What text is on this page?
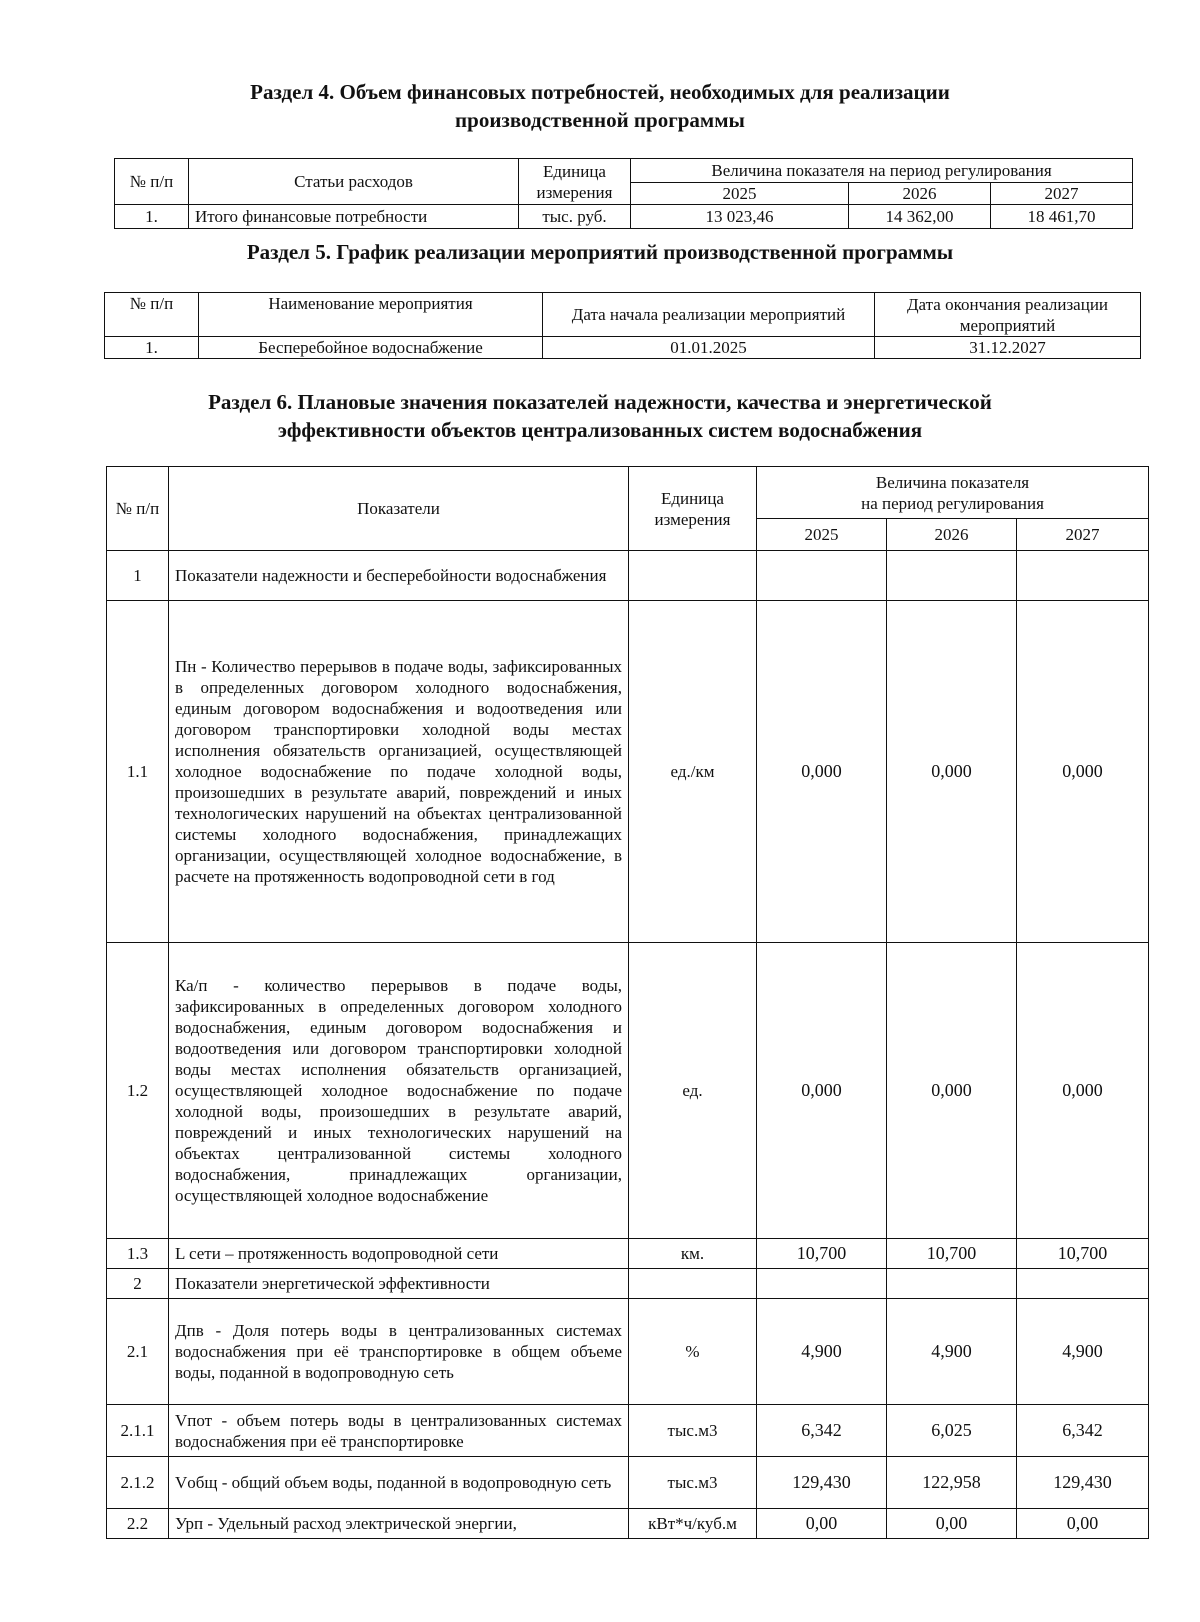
Раздел 4. Объем финансовых потребностей, необходимых для реализации
производственной программы
№ п/п	Статьи расходов	Единица измерения	Величина показателя на период регулирования		
			2025	2026	2027
1.	Итого финансовые потребности	тыс. руб.	13 023,46	14 362,00	18 461,70
Раздел 5. График реализации мероприятий производственной программы
№ п/п	Наименование мероприятия	Дата начала реализации мероприятий	Дата окончания реализации мероприятий
1.	Бесперебойное водоснабжение	01.01.2025	31.12.2027
Раздел 6. Плановые значения показателей надежности, качества и энергетической
эффективности объектов централизованных систем водоснабжения
№ п/п	Показатели	Единица измерения	Величина показателя
на период регулирования		

			2025	2026	2027
1	Показатели надежности и бесперебойности водоснабжения				
1.1	Пн - Количество перерывов в подаче воды, зафиксированных в определенных договором холодного водоснабжения, единым договором водоснабжения и водоотведения или договором транспортировки холодной воды местах исполнения обязательств организацией, осуществляющей холодное водоснабжение по подаче холодной воды, произошедших в результате аварий, повреждений и иных технологических нарушений на объектах централизованной системы холодного водоснабжения, принадлежащих организации, осуществляющей холодное водоснабжение, в расчете на протяженность водопроводной сети в год	ед./км	0,000	0,000	0,000
1.2	Ка/п - количество перерывов в подаче воды, зафиксированных в определенных договором холодного водоснабжения, единым договором водоснабжения и водоотведения или договором транспортировки холодной воды местах исполнения обязательств организацией, осуществляющей холодное водоснабжение по подаче холодной воды, произошедших в результате аварий, повреждений и иных технологических нарушений на объектах централизованной системы холодного водоснабжения, принадлежащих организации, осуществляющей холодное водоснабжение	ед.	0,000	0,000	0,000
1.3	L сети – протяженность водопроводной сети	км.	10,700	10,700	10,700
2	Показатели энергетической эффективности				
2.1	Дпв - Доля потерь воды в централизованных системах водоснабжения при её транспортировке в общем объеме воды, поданной в водопроводную сеть	%	4,900	4,900	4,900
2.1.1	Vпот - объем потерь воды в централизованных системах водоснабжения при её транспортировке	тыс.м3	6,342	6,025	6,342
2.1.2	Vобщ - общий объем воды, поданной в водопроводную сеть	тыс.м3	129,430	122,958	129,430
2.2	Урп - Удельный расход электрической энергии,	кВт*ч/куб.м	0,00	0,00	0,00
